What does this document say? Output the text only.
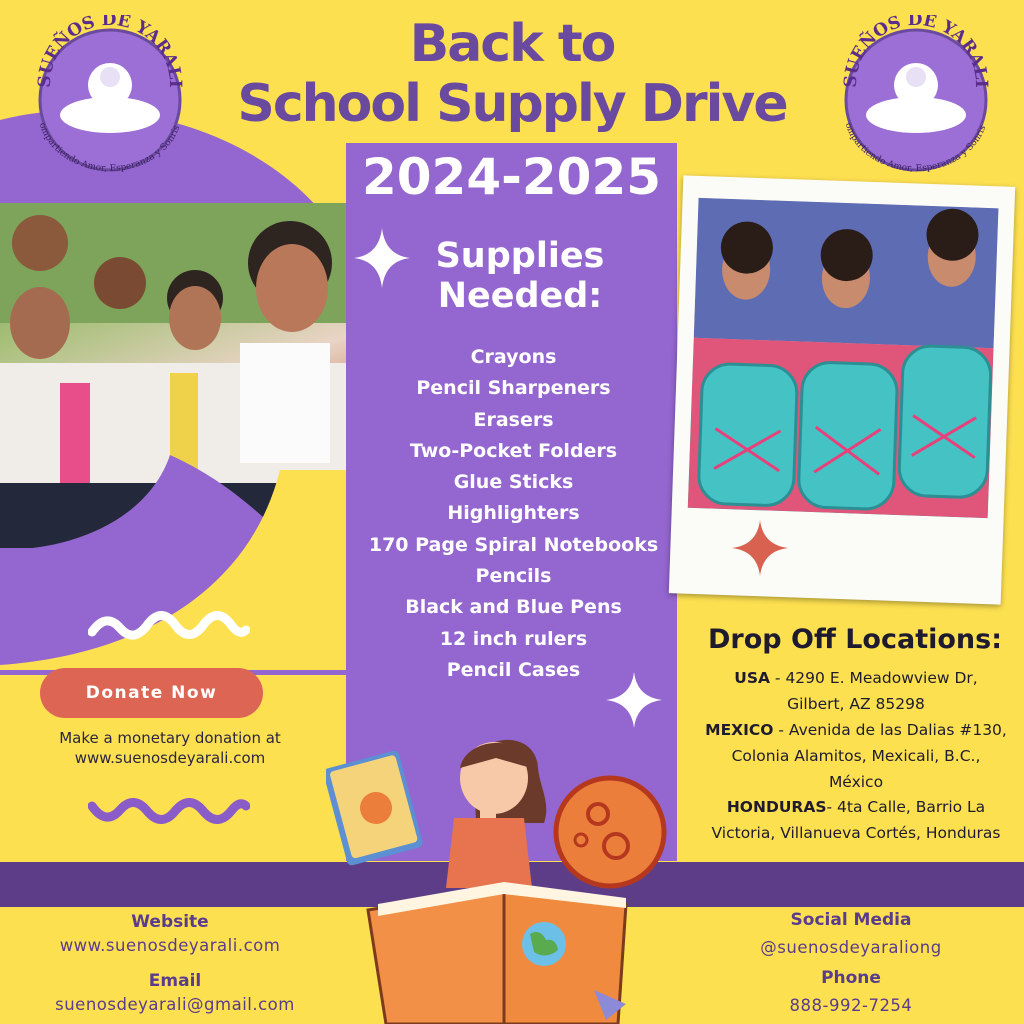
SUEÑOS DE YARALI
ompartiendo Amor, Esperanza y Sonris
SUEÑOS DE YARALI
ompartiendo Amor, Esperanza y Sonris
Back to
School Supply Drive
2024-2025
Supplies
Needed:
Crayons
Pencil Sharpeners
Erasers
Two-Pocket Folders
Glue Sticks
Highlighters
170 Page Spiral Notebooks
Pencils
Black and Blue Pens
12 inch rulers
Pencil Cases
Drop Off Locations:
USA - 4290 E. Meadowview Dr,
Gilbert, AZ 85298
MEXICO - Avenida de las Dalias #130,
Colonia Alamitos, Mexicali, B.C.,
México
HONDURAS- 4ta Calle, Barrio La
Victoria, Villanueva Cortés, Honduras
Donate Now
Make a monetary donation at
www.suenosdeyarali.com
Website
www.suenosdeyarali.com
Email
suenosdeyarali@gmail.com
Social Media
@suenosdeyaraliong
Phone
888-992-7254
